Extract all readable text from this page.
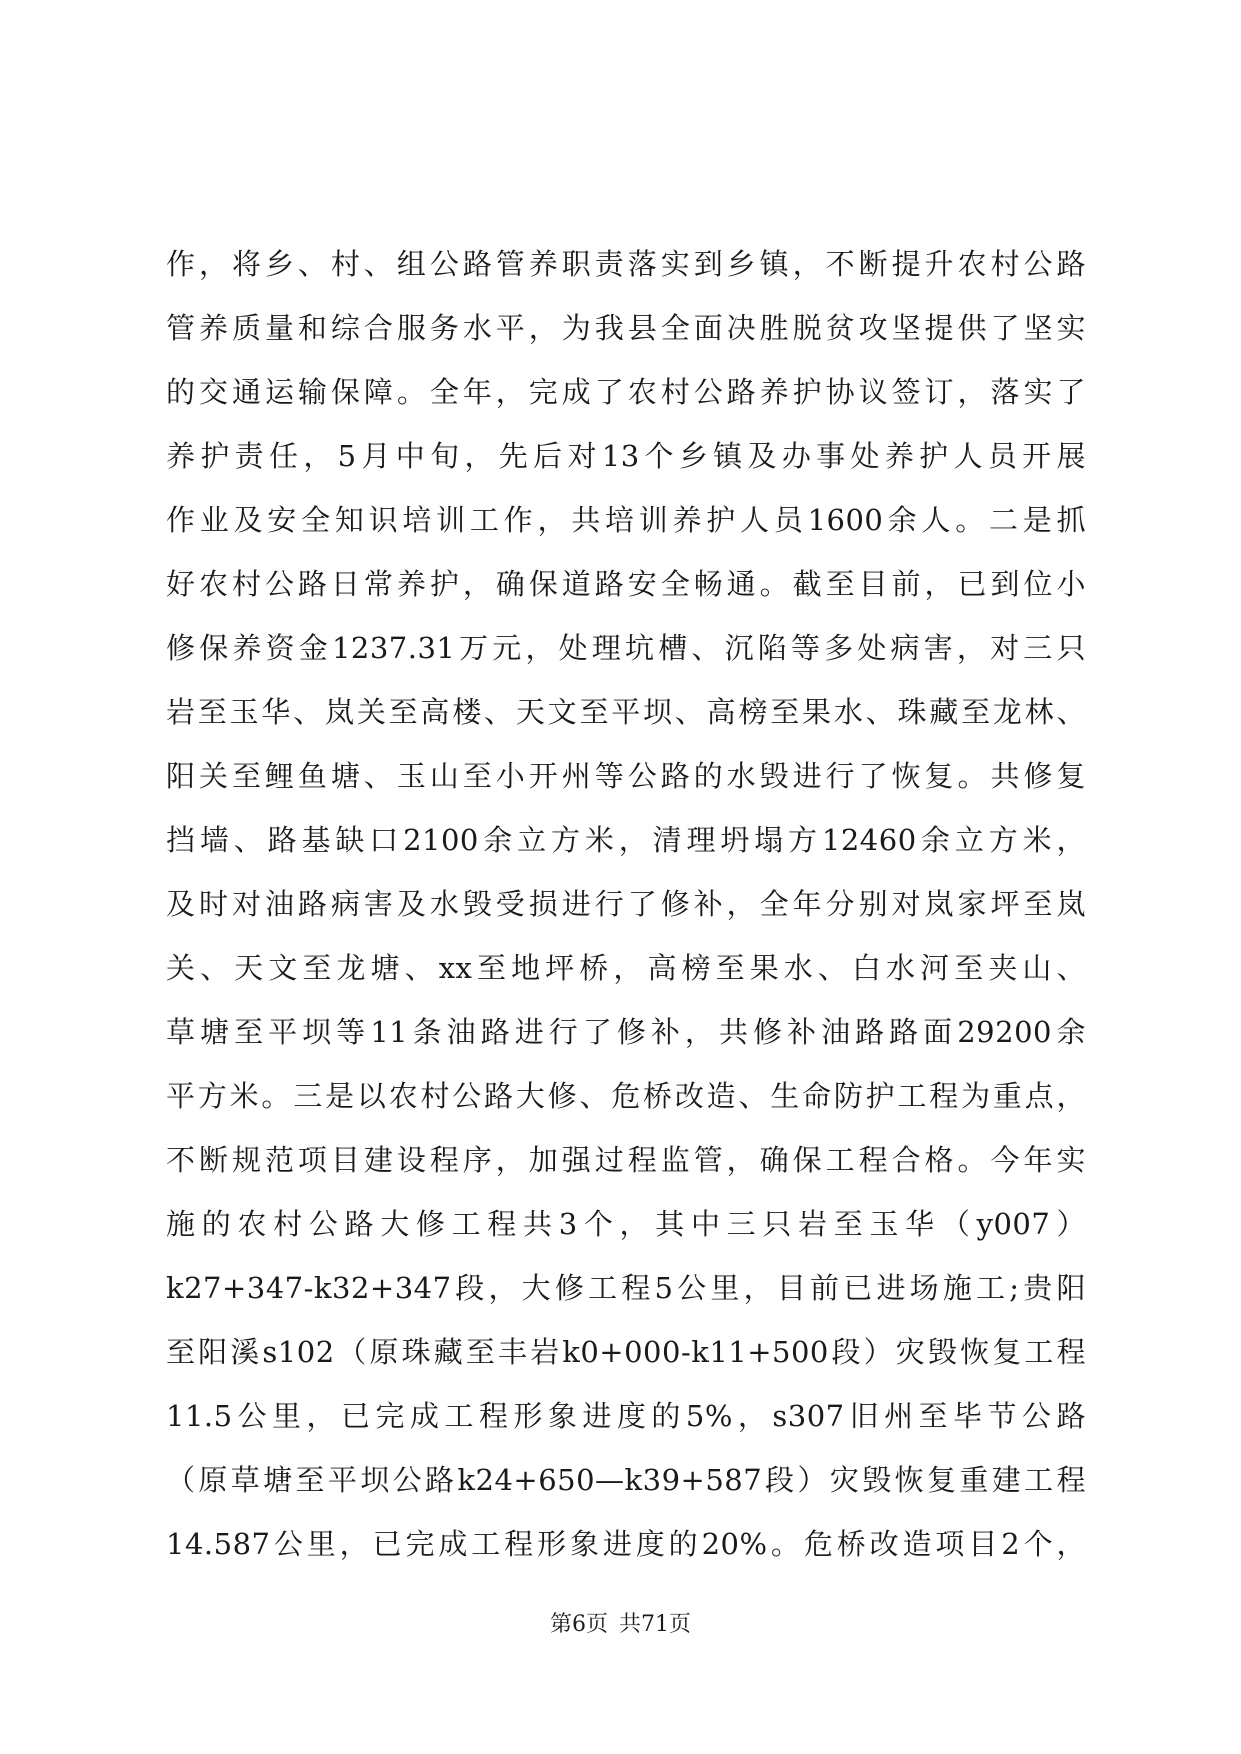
作，将乡、村、组公路管养职责落实到乡镇，不断提升农村公路
管养质量和综合服务水平，为我县全面决胜脱贫攻坚提供了坚实
的交通运输保障。全年，完成了农村公路养护协议签订，落实了
养护责任，5月中旬，先后对13个乡镇及办事处养护人员开展
作业及安全知识培训工作，共培训养护人员1600余人。二是抓
好农村公路日常养护，确保道路安全畅通。截至目前，已到位小
修保养资金1237.31万元，处理坑槽、沉陷等多处病害，对三只
岩至玉华、岚关至高楼、天文至平坝、高榜至果水、珠藏至龙林、
阳关至鲤鱼塘、玉山至小开州等公路的水毁进行了恢复。共修复
挡墙、路基缺口2100余立方米，清理坍塌方12460余立方米，
及时对油路病害及水毁受损进行了修补，全年分别对岚家坪至岚
关、天文至龙塘、xx至地坪桥，高榜至果水、白水河至夹山、
草塘至平坝等11条油路进行了修补，共修补油路路面29200余
平方米。三是以农村公路大修、危桥改造、生命防护工程为重点，
不断规范项目建设程序，加强过程监管，确保工程合格。今年实
施的农村公路大修工程共3个，其中三只岩至玉华（y007）
k27+347-k32+347段，大修工程5公里，目前已进场施工;贵阳
至阳溪s102（原珠藏至丰岩k0+000-k11+500段）灾毁恢复工程
11.5公里，已完成工程形象进度的5%，s307旧州至毕节公路
（原草塘至平坝公路k24+650—k39+587段）灾毁恢复重建工程
14.587公里，已完成工程形象进度的20%。危桥改造项目2个，
第6页 共71页
